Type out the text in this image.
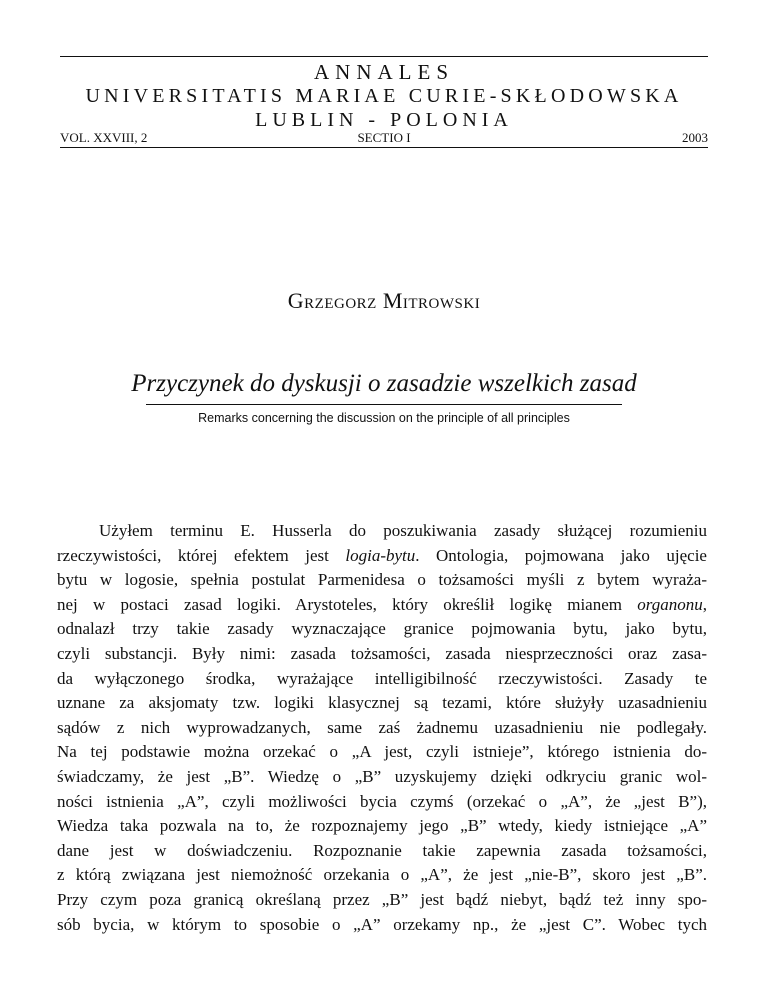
ANNALES
UNIVERSITATIS MARIAE CURIE-SKŁODOWSKA
LUBLIN - POLONIA
VOL. XXVIII, 2	SECTIO I	2003
Grzegorz Mitrowski
Przyczynek do dyskusji o zasadzie wszelkich zasad
Remarks concerning the discussion on the principle of all principles
Użyłem terminu E. Husserla do poszukiwania zasady służącej rozumieniu
rzeczywistości, której efektem jest logia-bytu. Ontologia, pojmowana jako ujęcie
bytu w logosie, spełnia postulat Parmenidesa o tożsamości myśli z bytem wyraża-
nej w postaci zasad logiki. Arystoteles, który określił logikę mianem organonu,
odnalazł trzy takie zasady wyznaczające granice pojmowania bytu, jako bytu,
czyli substancji. Były nimi: zasada tożsamości, zasada niesprzeczności oraz zasa-
da wyłączonego środka, wyrażające intelligibilność rzeczywistości. Zasady te
uznane za aksjomaty tzw. logiki klasycznej są tezami, które służyły uzasadnieniu
sądów z nich wyprowadzanych, same zaś żadnemu uzasadnieniu nie podlegały.
Na tej podstawie można orzekać o „A jest, czyli istnieje”, którego istnienia do-
świadczamy, że jest „B”. Wiedzę o „B” uzyskujemy dzięki odkryciu granic wol-
ności istnienia „A”, czyli możliwości bycia czymś (orzekać o „A”, że „jest B”),
Wiedza taka pozwala na to, że rozpoznajemy jego „B” wtedy, kiedy istniejące „A”
dane jest w doświadczeniu. Rozpoznanie takie zapewnia zasada tożsamości,
z którą związana jest niemożność orzekania o „A”, że jest „nie-B”, skoro jest „B”.
Przy czym poza granicą określaną przez „B” jest bądź niebyt, bądź też inny spo-
sób bycia, w którym to sposobie o „A” orzekamy np., że „jest C”. Wobec tych
